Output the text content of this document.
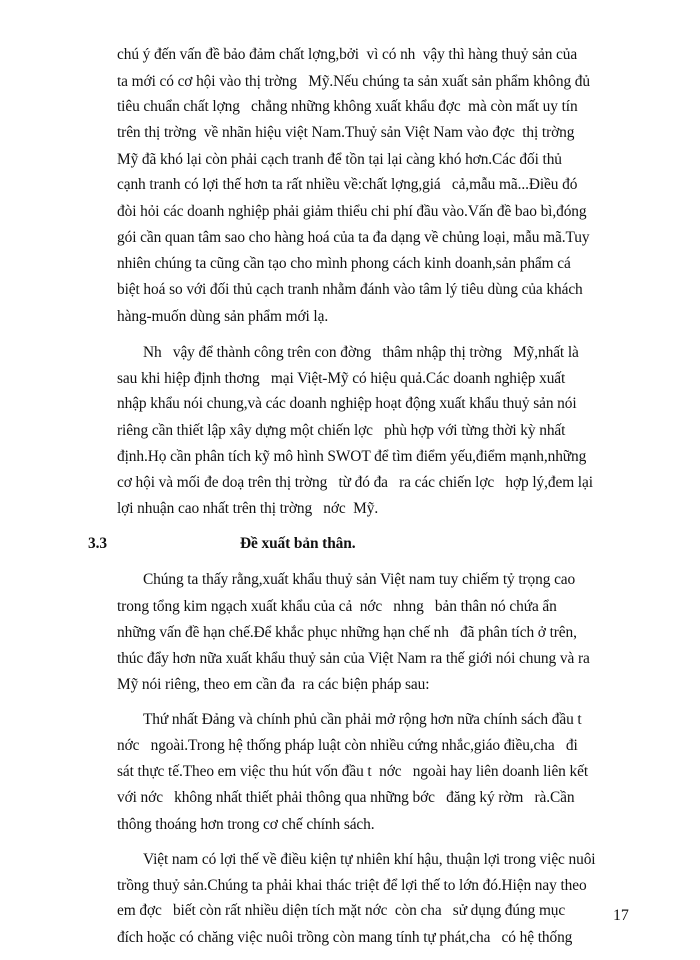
chú ý đến vấn đề bảo đảm chất lợng,bởi  vì có nh  vậy thì hàng thuỷ sản của
ta mới có cơ hội vào thị trờng   Mỹ.Nếu chúng ta sản xuất sản phẩm không đủ
tiêu chuẩn chất lợng   chẳng những không xuất khẩu đợc  mà còn mất uy tín
trên thị trờng  về nhãn hiệu việt Nam.Thuỷ sản Việt Nam vào đợc  thị trờng
Mỹ đã khó lại còn phải cạch tranh để tồn tại lại càng khó hơn.Các đối thủ
cạnh tranh có lợi thế hơn ta rất nhiều về:chất lợng,giá   cả,mẫu mã...Điều đó
đòi hỏi các doanh nghiệp phải giảm thiểu chi phí đầu vào.Vấn đề bao bì,đóng
gói cần quan tâm sao cho hàng hoá của ta đa dạng về chủng loại, mẫu mã.Tuy
nhiên chúng ta cũng cần tạo cho mình phong cách kinh doanh,sản phẩm cá
biệt hoá so với đối thủ cạch tranh nhằm đánh vào tâm lý tiêu dùng của khách
hàng-muốn dùng sản phẩm mới lạ.
Nh   vậy để thành công trên con đờng   thâm nhập thị trờng   Mỹ,nhất là
sau khi hiệp định thơng   mại Việt-Mỹ có hiệu quả.Các doanh nghiệp xuất
nhập khẩu nói chung,và các doanh nghiệp hoạt động xuất khẩu thuỷ sản nói
riêng cần thiết lập xây dựng một chiến lợc   phù hợp với từng thời kỳ nhất
định.Họ cần phân tích kỹ mô hình SWOT để tìm điểm yếu,điểm mạnh,những
cơ hội và mối đe doạ trên thị trờng   từ đó đa   ra các chiến lợc   hợp lý,đem lại
lợi nhuận cao nhất trên thị trờng   nớc  Mỹ.
3.3	Đề xuất bản thân.
Chúng ta thấy rằng,xuất khẩu thuỷ sản Việt nam tuy chiếm tỷ trọng cao
trong tổng kim ngạch xuất khẩu của cả  nớc   nhng   bản thân nó chứa ẩn
những vấn đề hạn chế.Để khắc phục những hạn chế nh   đã phân tích ở trên,
thúc đẩy hơn nữa xuất khẩu thuỷ sản của Việt Nam ra thế giới nói chung và ra
Mỹ nói riêng, theo em cần đa  ra các biện pháp sau:
Thứ nhất Đảng và chính phủ cần phải mở rộng hơn nữa chính sách đầu t
nớc   ngoài.Trong hệ thống pháp luật còn nhiều cứng nhắc,giáo điều,cha   đi
sát thực tế.Theo em việc thu hút vốn đầu t  nớc   ngoài hay liên doanh liên kết
với nớc   không nhất thiết phải thông qua những bớc   đăng ký rờm   rà.Cần
thông thoáng hơn trong cơ chế chính sách.
Việt nam có lợi thế về điều kiện tự nhiên khí hậu, thuận lợi trong việc nuôi
trồng thuỷ sản.Chúng ta phải khai thác triệt để lợi thế to lớn đó.Hiện nay theo
em đợc   biết còn rất nhiều diện tích mặt nớc  còn cha   sử dụng đúng mục
đích hoặc có chăng việc nuôi trồng còn mang tính tự phát,cha   có hệ thống
17
